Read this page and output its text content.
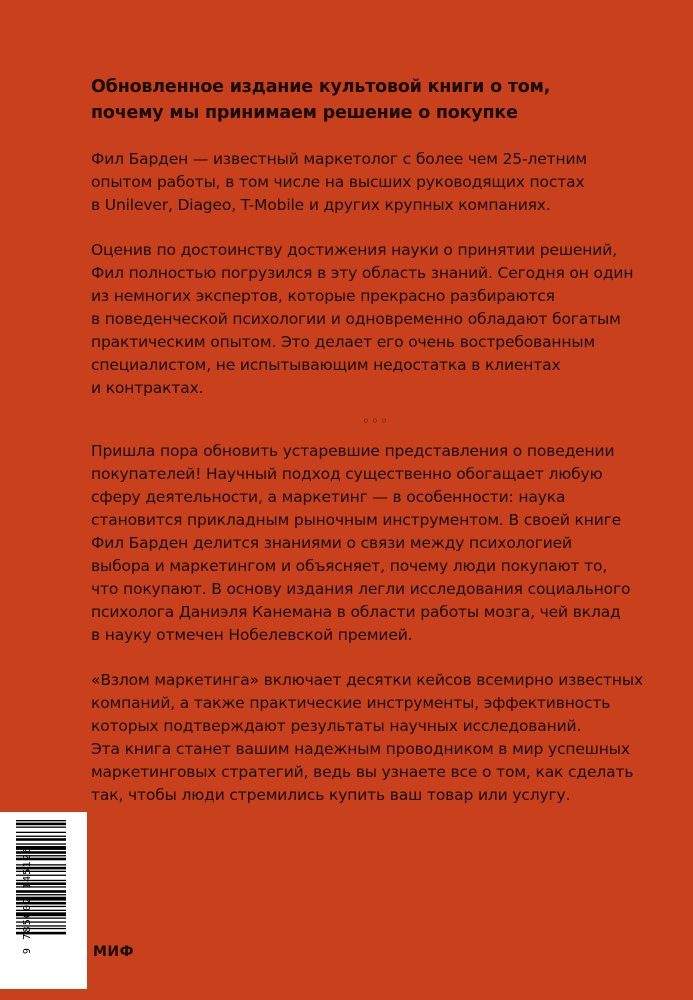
Обновленное издание культовой книги о том,
почему мы принимаем решение о покупке

Фил Барден — известный маркетолог с более чем 25-летним
опытом работы, в том числе на высших руководящих постах
в Unilever, Diageo, T-Mobile и других крупных компаниях.

Оценив по достоинству достижения науки о принятии решений,
Фил полностью погрузился в эту область знаний. Сегодня он один
из немногих экспертов, которые прекрасно разбираются
в поведенческой психологии и одновременно обладают богатым
практическим опытом. Это делает его очень востребованным
специалистом, не испытывающим недостатка в клиентах
и контрактах.

◦◦◦

Пришла пора обновить устаревшие представления о поведении
покупателей! Научный подход существенно обогащает любую
сферу деятельности, а маркетинг — в особенности: наука
становится прикладным рыночным инструментом. В своей книге
Фил Барден делится знаниями о связи между психологией
выбора и маркетингом и объясняет, почему люди покупают то,
что покупают. В основу издания легли исследования социального
психолога Даниэля Канемана в области работы мозга, чей вклад
в науку отмечен Нобелевской премией.

«Взлом маркетинга» включает десятки кейсов всемирно известных
компаний, а также практические инструменты, эффективность
которых подтверждают результаты научных исследований.
Эта книга станет вашим надежным проводником в мир успешных
маркетинговых стратегий, ведь вы узнаете все о том, как сделать
так, чтобы люди стремились купить ваш товар или услугу.

9 785002 145126	МИФ
